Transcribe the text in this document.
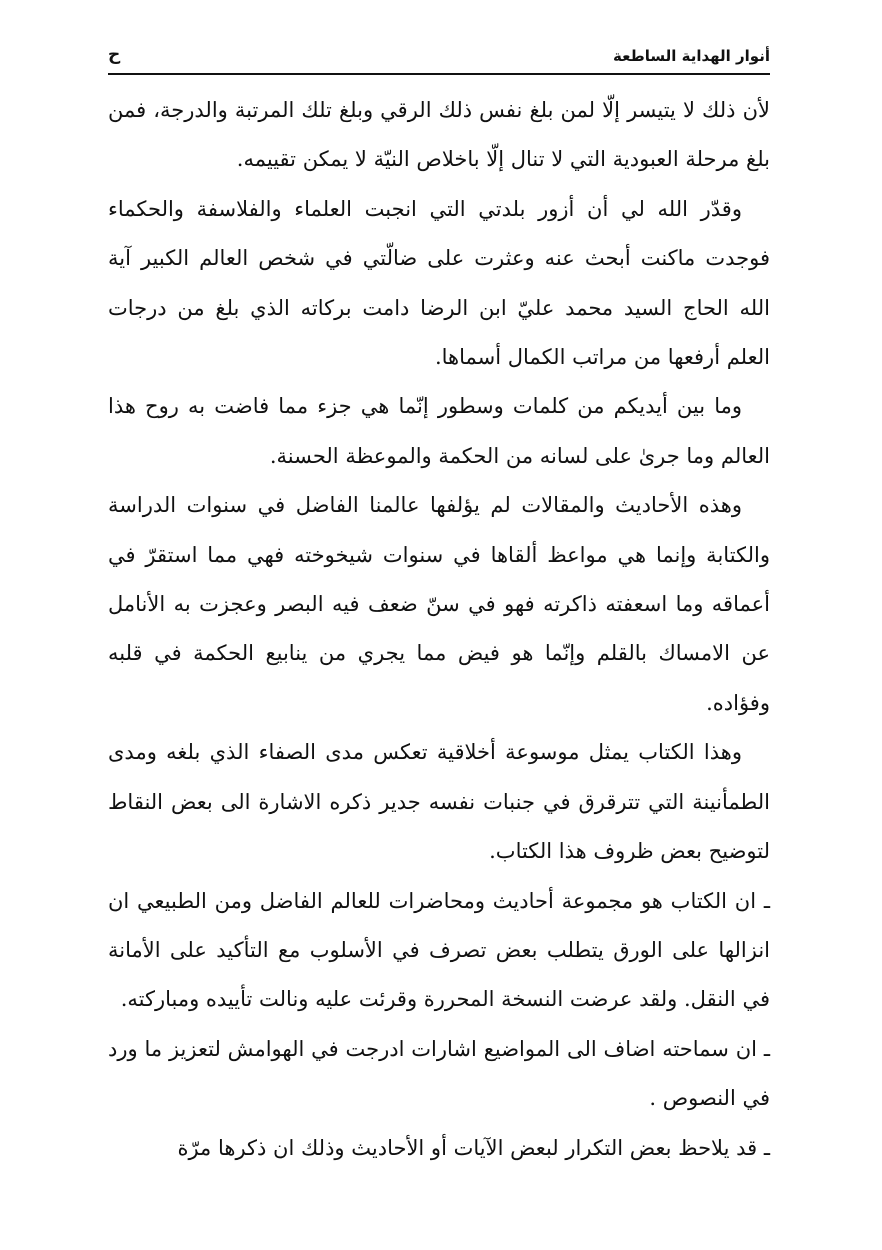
أنوار الهداية الساطعة
ح

لأن ذلك لا يتيسر إلّا لمن بلغ نفس ذلك الرقي وبلغ تلك المرتبة والدرجة، فمن بلغ مرحلة العبودية التي لا تنال إلّا باخلاص النيّة لا يمكن تقييمه.

وقدّر الله لي أن أزور بلدتي التي انجبت العلماء والفلاسفة والحكماء فوجدت ماكنت أبحث عنه وعثرت على ضالّتي في شخص العالم الكبير آية الله الحاج السيد محمد عليّ ابن الرضا دامت بركاته الذي بلغ من درجات العلم أرفعها من مراتب الكمال أسماها.

وما بين أيديكم من كلمات وسطور إنّما هي جزء مما فاضت به روح هذا العالم وما جرىٰ على لسانه من الحكمة والموعظة الحسنة.

وهذه الأحاديث والمقالات لم يؤلفها عالمنا الفاضل في سنوات الدراسة والكتابة وإنما هي مواعظ ألقاها في سنوات شيخوخته فهي مما استقرّ في أعماقه وما اسعفته ذاكرته فهو في سنّ ضعف فيه البصر وعجزت به الأنامل عن الامساك بالقلم وإنّما هو فيض مما يجري من ينابيع الحكمة في قلبه وفؤاده.

وهذا الكتاب يمثل موسوعة أخلاقية تعكس مدى الصفاء الذي بلغه ومدى الطمأنينة التي تترقرق في جنبات نفسه جدير ذكره الاشارة الى بعض النقاط لتوضيح بعض ظروف هذا الكتاب.

ـ ان الكتاب هو مجموعة أحاديث ومحاضرات للعالم الفاضل ومن الطبيعي ان انزالها على الورق يتطلب بعض تصرف في الأسلوب مع التأكيد على الأمانة في النقل. ولقد عرضت النسخة المحررة وقرئت عليه ونالت تأييده ومباركته.

ـ ان سماحته اضاف الى المواضيع اشارات ادرجت في الهوامش لتعزيز ما ورد في النصوص .

ـ قد يلاحظ بعض التكرار لبعض الآيات أو الأحاديث وذلك ان ذكرها مرّة
